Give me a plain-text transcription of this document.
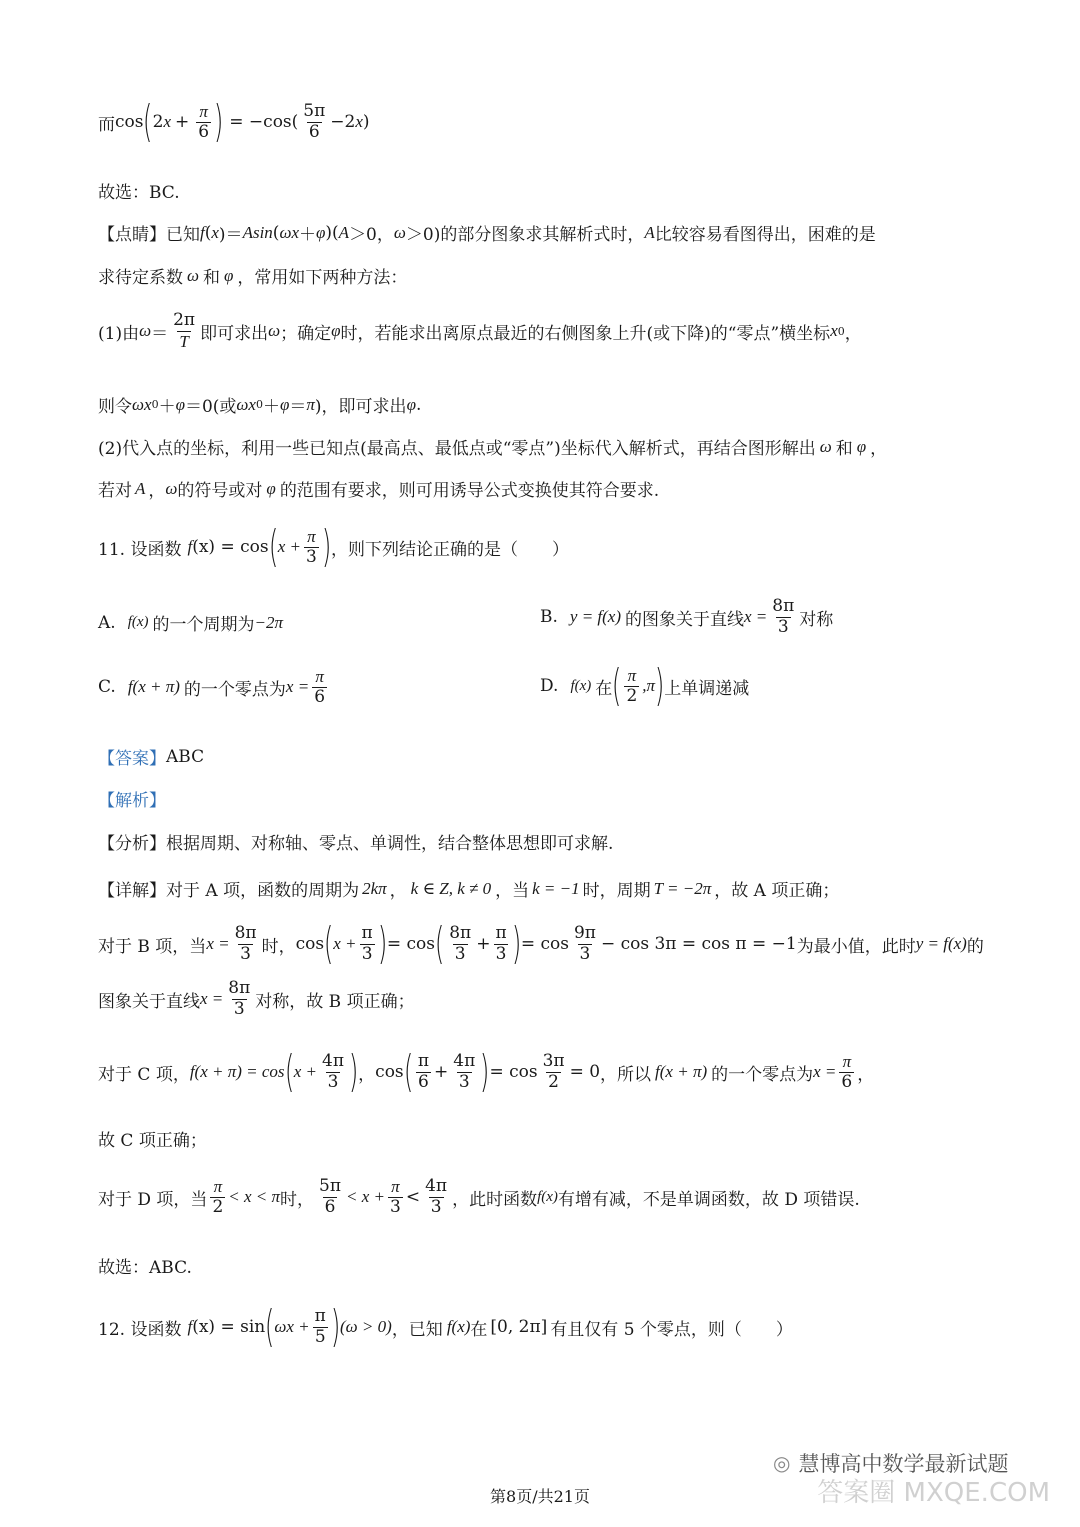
而 cos ( 2 $x + \frac{\pi}{6}$ ) = $-\cos( \frac{5\pi}{6} -2$ x )
故选：BC.
【点睛】已知 f ( x )＝ Asin ( ωx ＋ φ )( A ＞0， ω ＞0)的部分图象求其解析式时， A 比较容易看图得出，困难的是
求待定系数 ω 和 φ ，常用如下两种方法：
(1)由 $\omega = \frac{2\pi}{T}$ 即可求出 ω ；确定 φ 时，若能求出离原点最近的右侧图象上升(或下降)的“零点”横坐标 x 0 ，
则令 ωx 0 ＋ φ ＝0(或 ωx 0 ＋ φ ＝ π )，即可求出 φ .
(2)代入点的坐标，利用一些已知点(最高点、最低点或“零点”)坐标代入解析式，再结合图形解出 ω 和 φ ，
若对 A ， ω 的符号或对 φ 的范围有要求，则可用诱导公式变换使其符合要求.
11. 设函数 f (x) = cos ( $x + \frac{\pi}{3}$ ) ，则下列结论正确的是（　　）
A. f(x) 的一个周期为 −2π	B. y = f(x) 的图象关于直线 $x = \frac{8\pi}{3}$ 对称
C. f(x + π) 的一个零点为 $x = \frac{\pi}{6}$	D. f(x) 在 ( $\frac{\pi}{2} ,\pi$ ) 上单调递减
【答案】 ABC
【解析】
【分析】根据周期、对称轴、零点、单调性，结合整体思想即可求解.
【详解】对于 A 项，函数的周期为 2kπ ， k ∈ Z, k ≠ 0 ，当 k = −1 时，周期 T = −2π ，故 A 项正确；
对于 B 项，当 $x = \frac{8\pi}{3}$ 时， cos ( $x + \frac{\pi}{3}$ ) = cos ( $\frac{8\pi}{3} + \frac{\pi}{3}$ ) = $\cos \frac{9\pi}{3} - \cos 3\pi = \cos \pi = -1$ 为最小值，此时 y = f(x) 的
图象关于直线 $x = \frac{8\pi}{3}$ 对称，故 B 项正确；
对于 C 项， f(x + π) = cos ( $x + \frac{4\pi}{3}$ ) ， cos ( $\frac{\pi}{6} + \frac{4\pi}{3}$ ) = $\cos \frac{3\pi}{2} = 0$ ，所以 f(x + π) 的一个零点为 $x = \frac{\pi}{6}$ ，
故 C 项正确；
对于 D 项，当 $\frac{\pi}{2} < x < \pi$ 时， $\frac{5\pi}{6} < x + \frac{\pi}{3} < \frac{4\pi}{3}$ ，此时函数 f(x) 有增有减，不是单调函数，故 D 项错误.
故选：ABC.
12. 设函数 f (x) = sin ( $\omega x + \frac{\pi}{5}$ ) (ω > 0) ，已知 f (x) 在 [0, 2π] 有且仅有 5 个零点，则（　　）
◎ 慧博高中数学最新试题
答案圈 MXQE.COM
第8页/共21页
